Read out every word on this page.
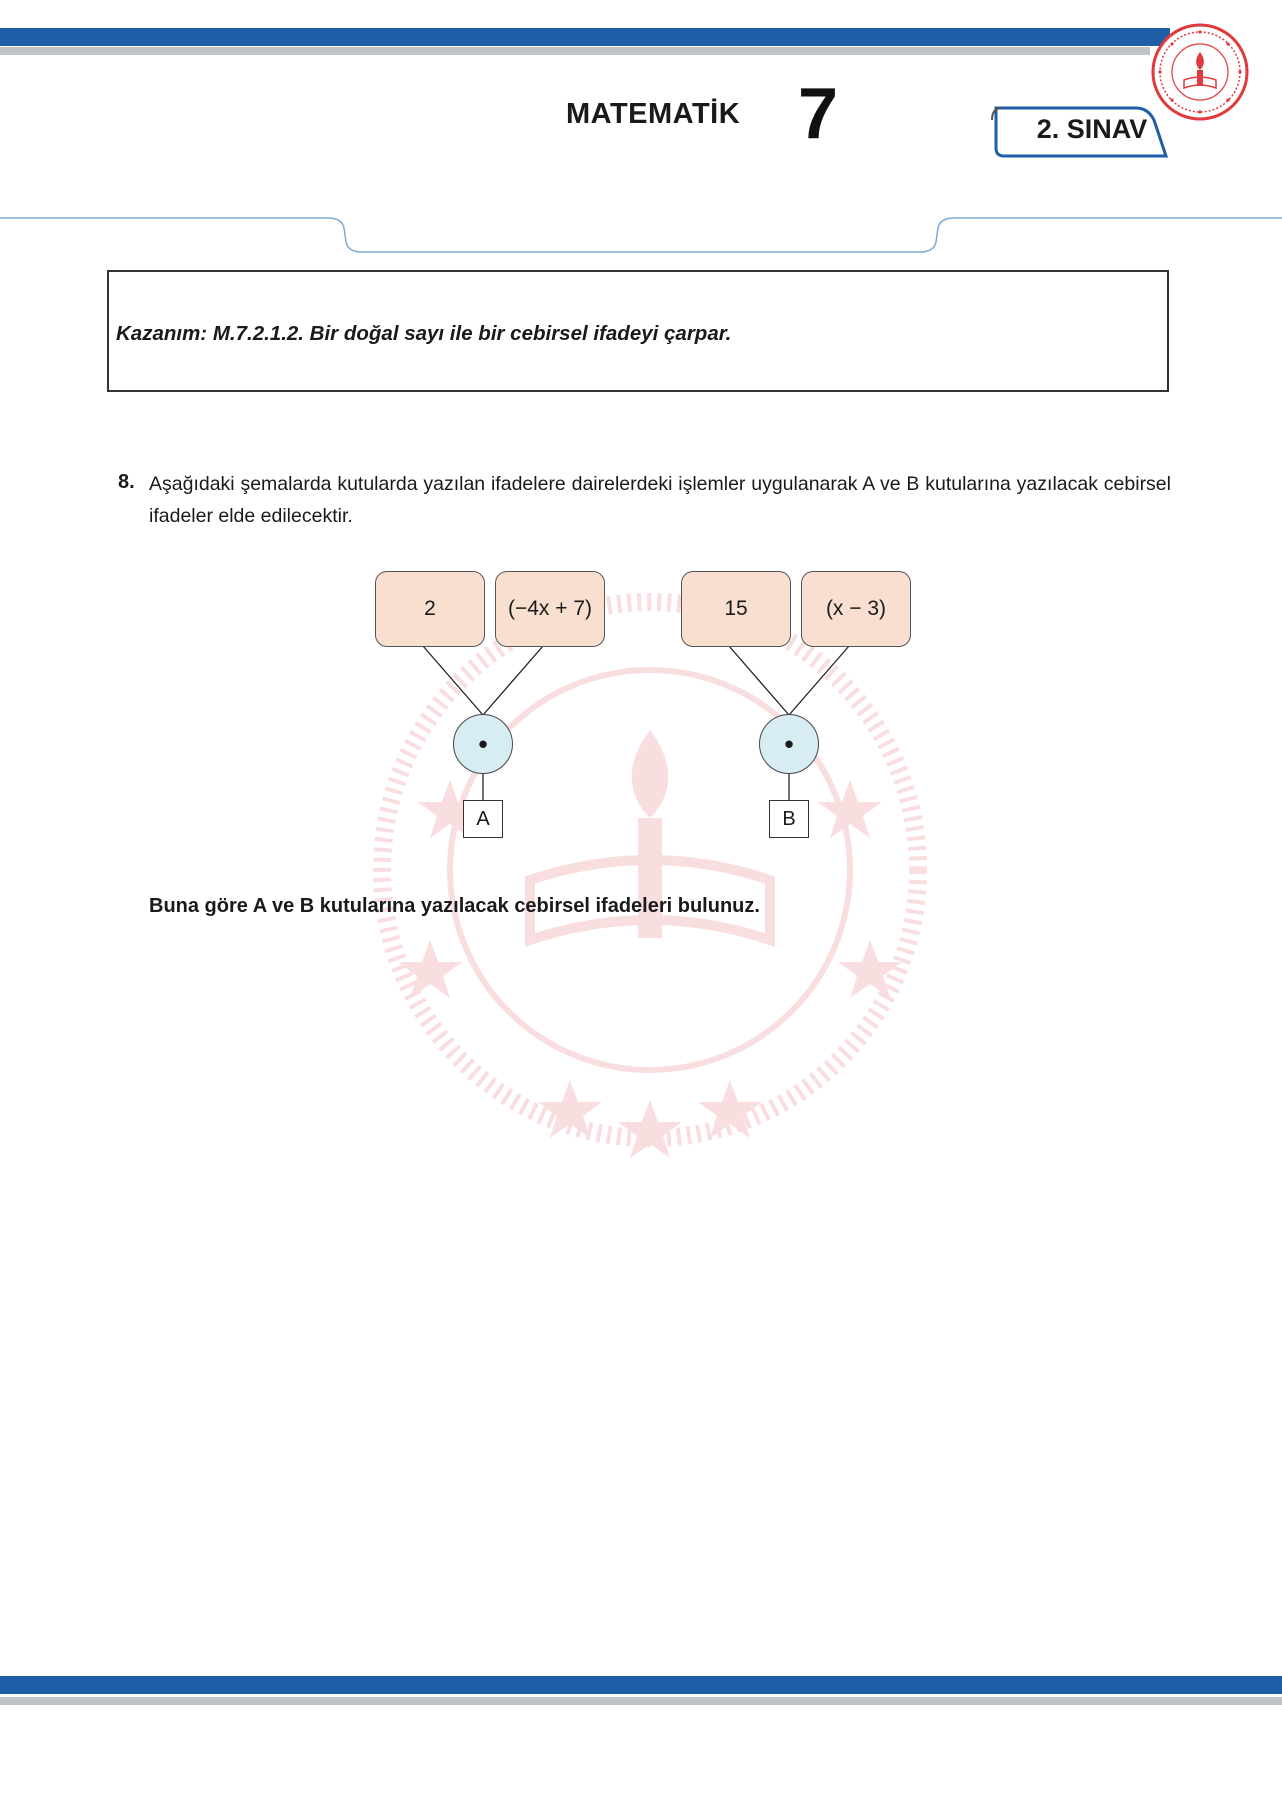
MATEMATİK 7	2. SINAV
Kazanım: M.7.2.1.2. Bir doğal sayı ile bir cebirsel ifadeyi çarpar.
8. Aşağıdaki şemalarda kutularda yazılan ifadelere dairelerdeki işlemler uygulanarak A ve B kutularına yazılacak cebirsel ifadeler elde edilecektir.
2	(−4x + 7)
•
A
15	(x − 3)
•
B
Buna göre A ve B kutularına yazılacak cebirsel ifadeleri bulunuz.
